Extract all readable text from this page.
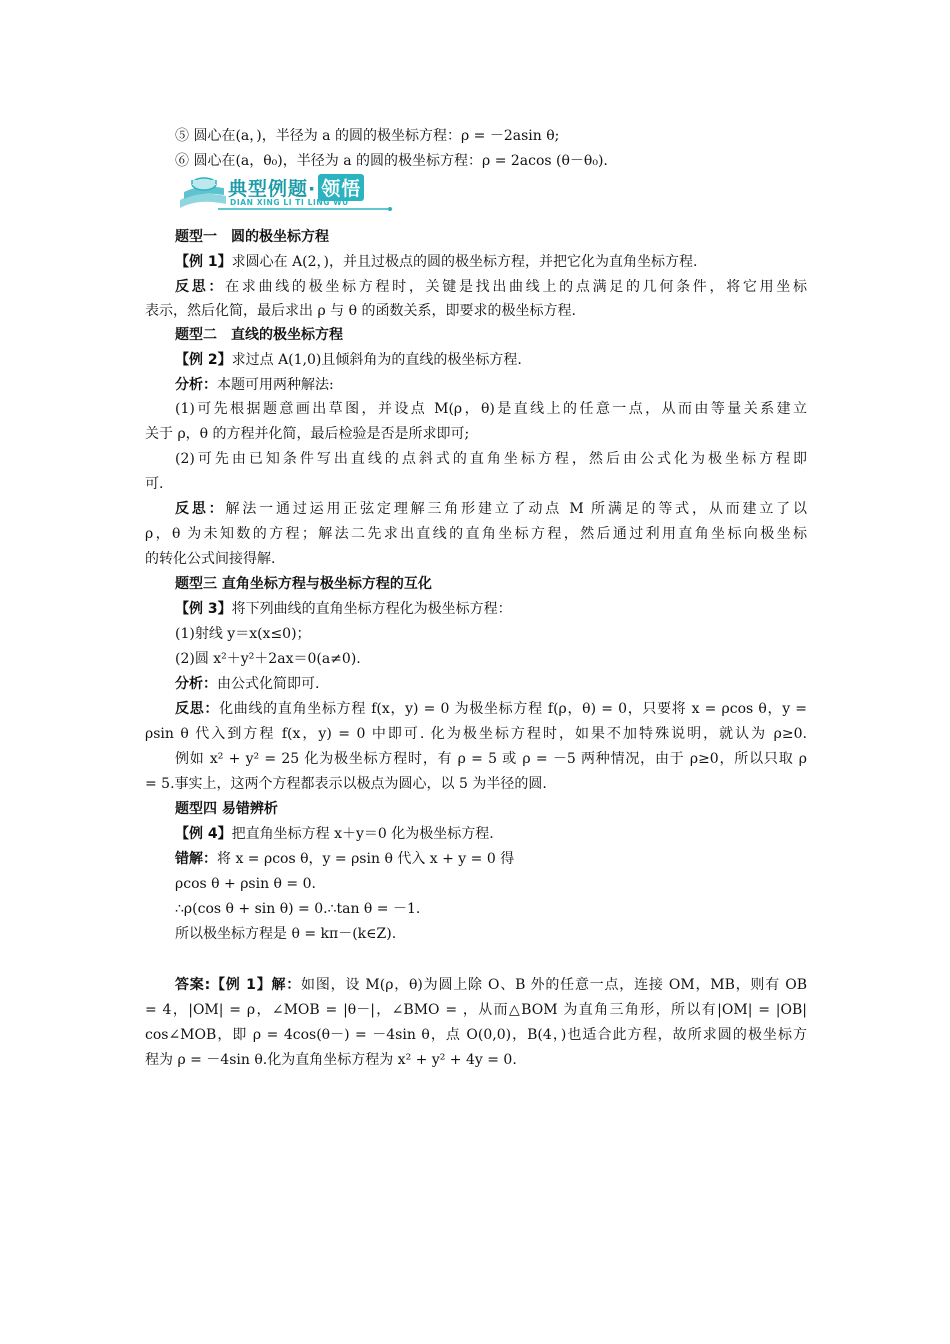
⑤ 圆心在(a，)，半径为 a 的圆的极坐标方程：ρ = －2asin θ;
⑥ 圆心在(a，θ₀)，半径为 a 的圆的极坐标方程：ρ = 2acos (θ－θ₀).
典型例题· 领悟
DIAN XING LI TI LING WU
题型一　圆的极坐标方程
【例 1】求圆心在 A(2，)，并且过极点的圆的极坐标方程，并把它化为直角坐标方程.
反思：在求曲线的极坐标方程时，关键是找出曲线上的点满足的几何条件，将它用坐标
表示，然后化简，最后求出 ρ 与 θ 的函数关系，即要求的极坐标方程.
题型二　直线的极坐标方程
【例 2】求过点 A(1,0)且倾斜角为的直线的极坐标方程.
分析：本题可用两种解法:
(1)可先根据题意画出草图，并设点 M(ρ，θ)是直线上的任意一点，从而由等量关系建立
关于 ρ，θ 的方程并化简，最后检验是否是所求即可;
(2)可先由已知条件写出直线的点斜式的直角坐标方程，然后由公式化为极坐标方程即
可.
反思：解法一通过运用正弦定理解三角形建立了动点 M 所满足的等式，从而建立了以
ρ，θ 为未知数的方程；解法二先求出直线的直角坐标方程，然后通过利用直角坐标向极坐标
的转化公式间接得解.
题型三 直角坐标方程与极坐标方程的互化
【例 3】将下列曲线的直角坐标方程化为极坐标方程：
(1)射线 y＝x(x≤0)；
(2)圆 x²＋y²＋2ax＝0(a≠0).
分析：由公式化简即可.
反思：化曲线的直角坐标方程 f(x，y) = 0 为极坐标方程 f(ρ，θ) = 0，只要将 x = ρcos θ，y =
ρsin θ 代入到方程 f(x，y) = 0 中即可. 化为极坐标方程时，如果不加特殊说明，就认为 ρ≥0.
例如 x² + y² = 25 化为极坐标方程时，有 ρ = 5 或 ρ = －5 两种情况，由于 ρ≥0，所以只取 ρ
= 5.事实上，这两个方程都表示以极点为圆心，以 5 为半径的圆.
题型四 易错辨析
【例 4】把直角坐标方程 x＋y＝0 化为极坐标方程.
错解：将 x = ρcos θ，y = ρsin θ 代入 x + y = 0 得
ρcos θ + ρsin θ = 0.
∴ρ(cos θ + sin θ) = 0.∴tan θ = －1.
所以极坐标方程是 θ = kπ－(k∈Z).
答案:【例 1】解：如图，设 M(ρ，θ)为圆上除 O、B 外的任意一点，连接 OM，MB，则有 OB
= 4，|OM| = ρ，∠MOB = |θ－|，∠BMO = ，从而△BOM 为直角三角形，所以有|OM| = |OB|
cos∠MOB，即 ρ = 4cos(θ－) = －4sin θ，点 O(0,0)，B(4，)也适合此方程，故所求圆的极坐标方
程为 ρ = －4sin θ.化为直角坐标方程为 x² + y² + 4y = 0.
